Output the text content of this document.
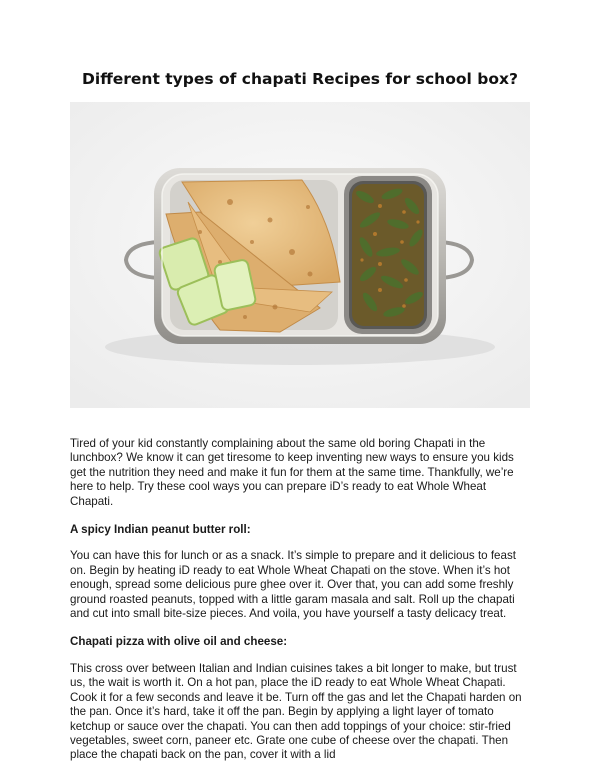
Different types of chapati Recipes for school box?

Tired of your kid constantly complaining about the same old boring Chapati in the lunchbox? We know it can get tiresome to keep inventing new ways to ensure you kids get the nutrition they need and make it fun for them at the same time. Thankfully, we’re here to help. Try these cool ways you can prepare iD’s ready to eat Whole Wheat Chapati.

A spicy Indian peanut butter roll:

You can have this for lunch or as a snack. It’s simple to prepare and it delicious to feast on. Begin by heating iD ready to eat Whole Wheat Chapati on the stove. When it’s hot enough, spread some delicious pure ghee over it. Over that, you can add some freshly ground roasted peanuts, topped with a little garam masala and salt. Roll up the chapati and cut into small bite-size pieces. And voila, you have yourself a tasty delicacy treat.

Chapati pizza with olive oil and cheese:

This cross over between Italian and Indian cuisines takes a bit longer to make, but trust us, the wait is worth it. On a hot pan, place the iD ready to eat Whole Wheat Chapati. Cook it for a few seconds and leave it be. Turn off the gas and let the Chapati harden on the pan. Once it’s hard, take it off the pan. Begin by applying a light layer of tomato ketchup or sauce over the chapati. You can then add toppings of your choice: stir-fried vegetables, sweet corn, paneer etc. Grate one cube of cheese over the chapati. Then place the chapati back on the pan, cover it with a lid
